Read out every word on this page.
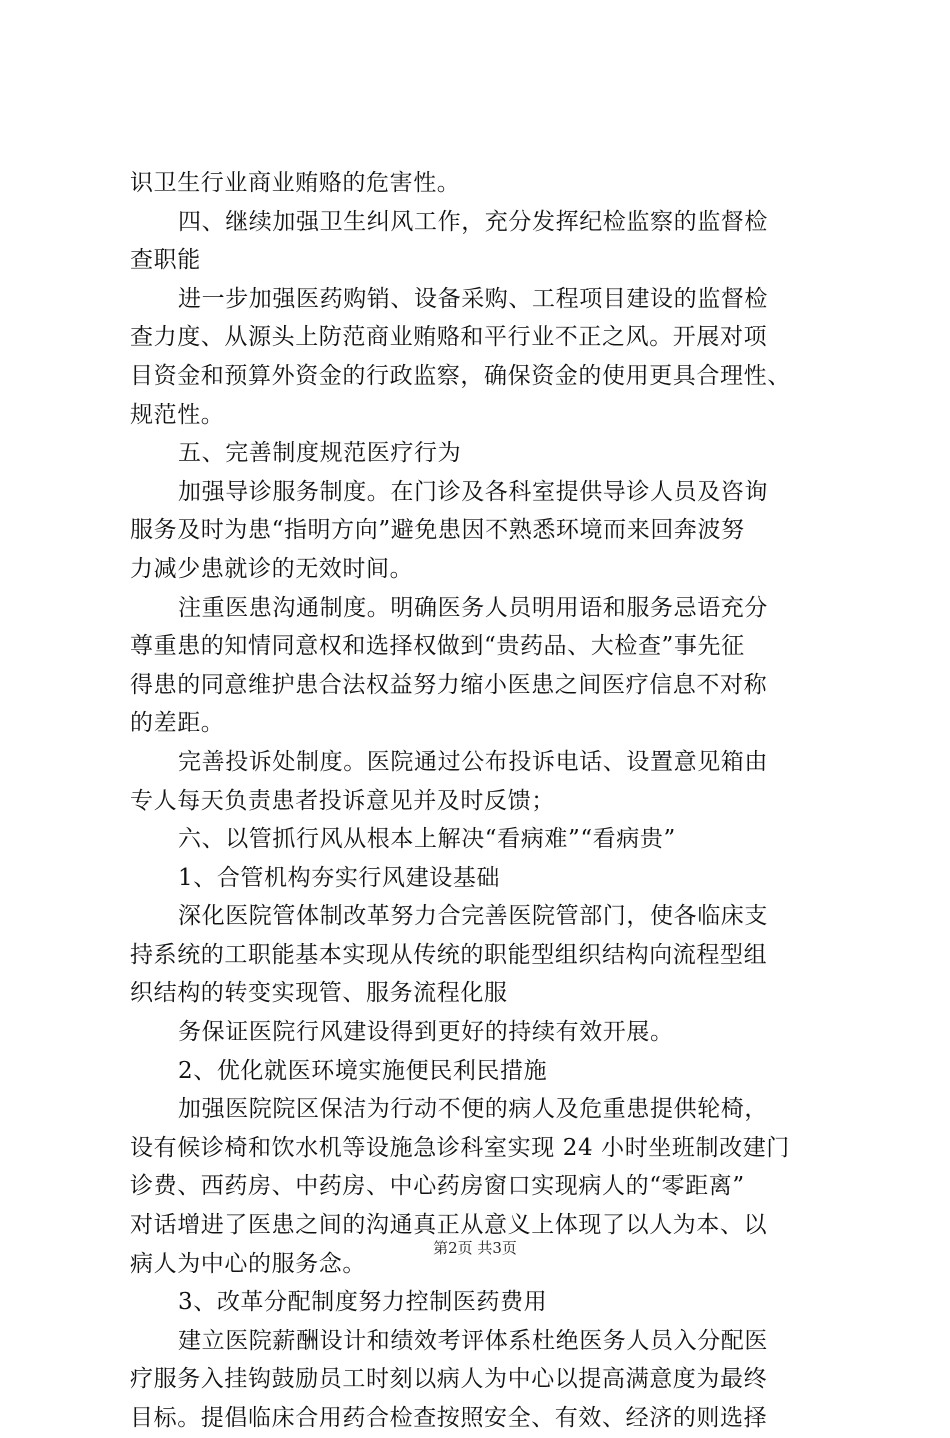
识卫生行业商业贿赂的危害性。
四、继续加强卫生纠风工作，充分发挥纪检监察的监督检
查职能
进一步加强医药购销、设备采购、工程项目建设的监督检
查力度、从源头上防范商业贿赂和平行业不正之风。开展对项
目资金和预算外资金的行政监察，确保资金的使用更具合理性、
规范性。
五、完善制度规范医疗行为
加强导诊服务制度。在门诊及各科室提供导诊人员及咨询
服务及时为患“指明方向”避免患因不熟悉环境而来回奔波努
力减少患就诊的无效时间。
注重医患沟通制度。明确医务人员明用语和服务忌语充分
尊重患的知情同意权和选择权做到“贵药品、大检查”事先征
得患的同意维护患合法权益努力缩小医患之间医疗信息不对称
的差距。
完善投诉处制度。医院通过公布投诉电话、设置意见箱由
专人每天负责患者投诉意见并及时反馈；
六、以管抓行风从根本上解决“看病难”“看病贵”
1、合管机构夯实行风建设基础
深化医院管体制改革努力合完善医院管部门，使各临床支
持系统的工职能基本实现从传统的职能型组织结构向流程型组
织结构的转变实现管、服务流程化服
务保证医院行风建设得到更好的持续有效开展。
2、优化就医环境实施便民利民措施
加强医院院区保洁为行动不便的病人及危重患提供轮椅，
设有候诊椅和饮水机等设施急诊科室实现 24 小时坐班制改建门
诊费、西药房、中药房、中心药房窗口实现病人的“零距离”
对话增进了医患之间的沟通真正从意义上体现了以人为本、以
病人为中心的服务念。
3、改革分配制度努力控制医药费用
建立医院薪酬设计和绩效考评体系杜绝医务人员入分配医
疗服务入挂钩鼓励员工时刻以病人为中心以提高满意度为最终
目标。提倡临床合用药合检查按照安全、有效、经济的则选择
第2页 共3页
